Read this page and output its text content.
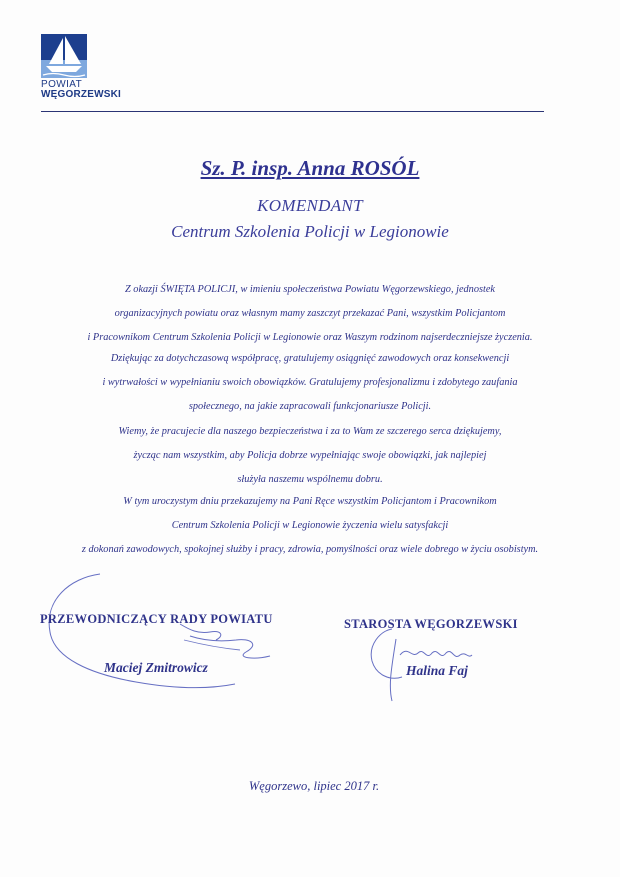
POWIAT
WĘGORZEWSKI
Sz. P. insp. Anna ROSÓL
KOMENDANT
Centrum Szkolenia Policji w Legionowie
Z okazji ŚWIĘTA POLICJI, w imieniu społeczeństwa Powiatu Węgorzewskiego, jednostek
organizacyjnych powiatu oraz własnym mamy zaszczyt przekazać Pani, wszystkim Policjantom
i Pracownikom Centrum Szkolenia Policji w Legionowie oraz Waszym rodzinom najserdeczniejsze życzenia.
Dziękując za dotychczasową współpracę, gratulujemy osiągnięć zawodowych oraz konsekwencji
i wytrwałości w wypełnianiu swoich obowiązków. Gratulujemy profesjonalizmu i zdobytego zaufania
społecznego, na jakie zapracowali funkcjonariusze Policji.
Wiemy, że pracujecie dla naszego bezpieczeństwa i za to Wam ze szczerego serca dziękujemy,
życząc nam wszystkim, aby Policja dobrze wypełniając swoje obowiązki, jak najlepiej
służyła naszemu wspólnemu dobru.
W tym uroczystym dniu przekazujemy na Pani Ręce wszystkim Policjantom i Pracownikom
Centrum Szkolenia Policji w Legionowie życzenia wielu satysfakcji
z dokonań zawodowych, spokojnej służby i pracy, zdrowia, pomyślności oraz wiele dobrego w życiu osobistym.
PRZEWODNICZĄCY RADY POWIATU
Maciej Zmitrowicz
STAROSTA WĘGORZEWSKI
Halina Faj
Węgorzewo, lipiec 2017 r.
